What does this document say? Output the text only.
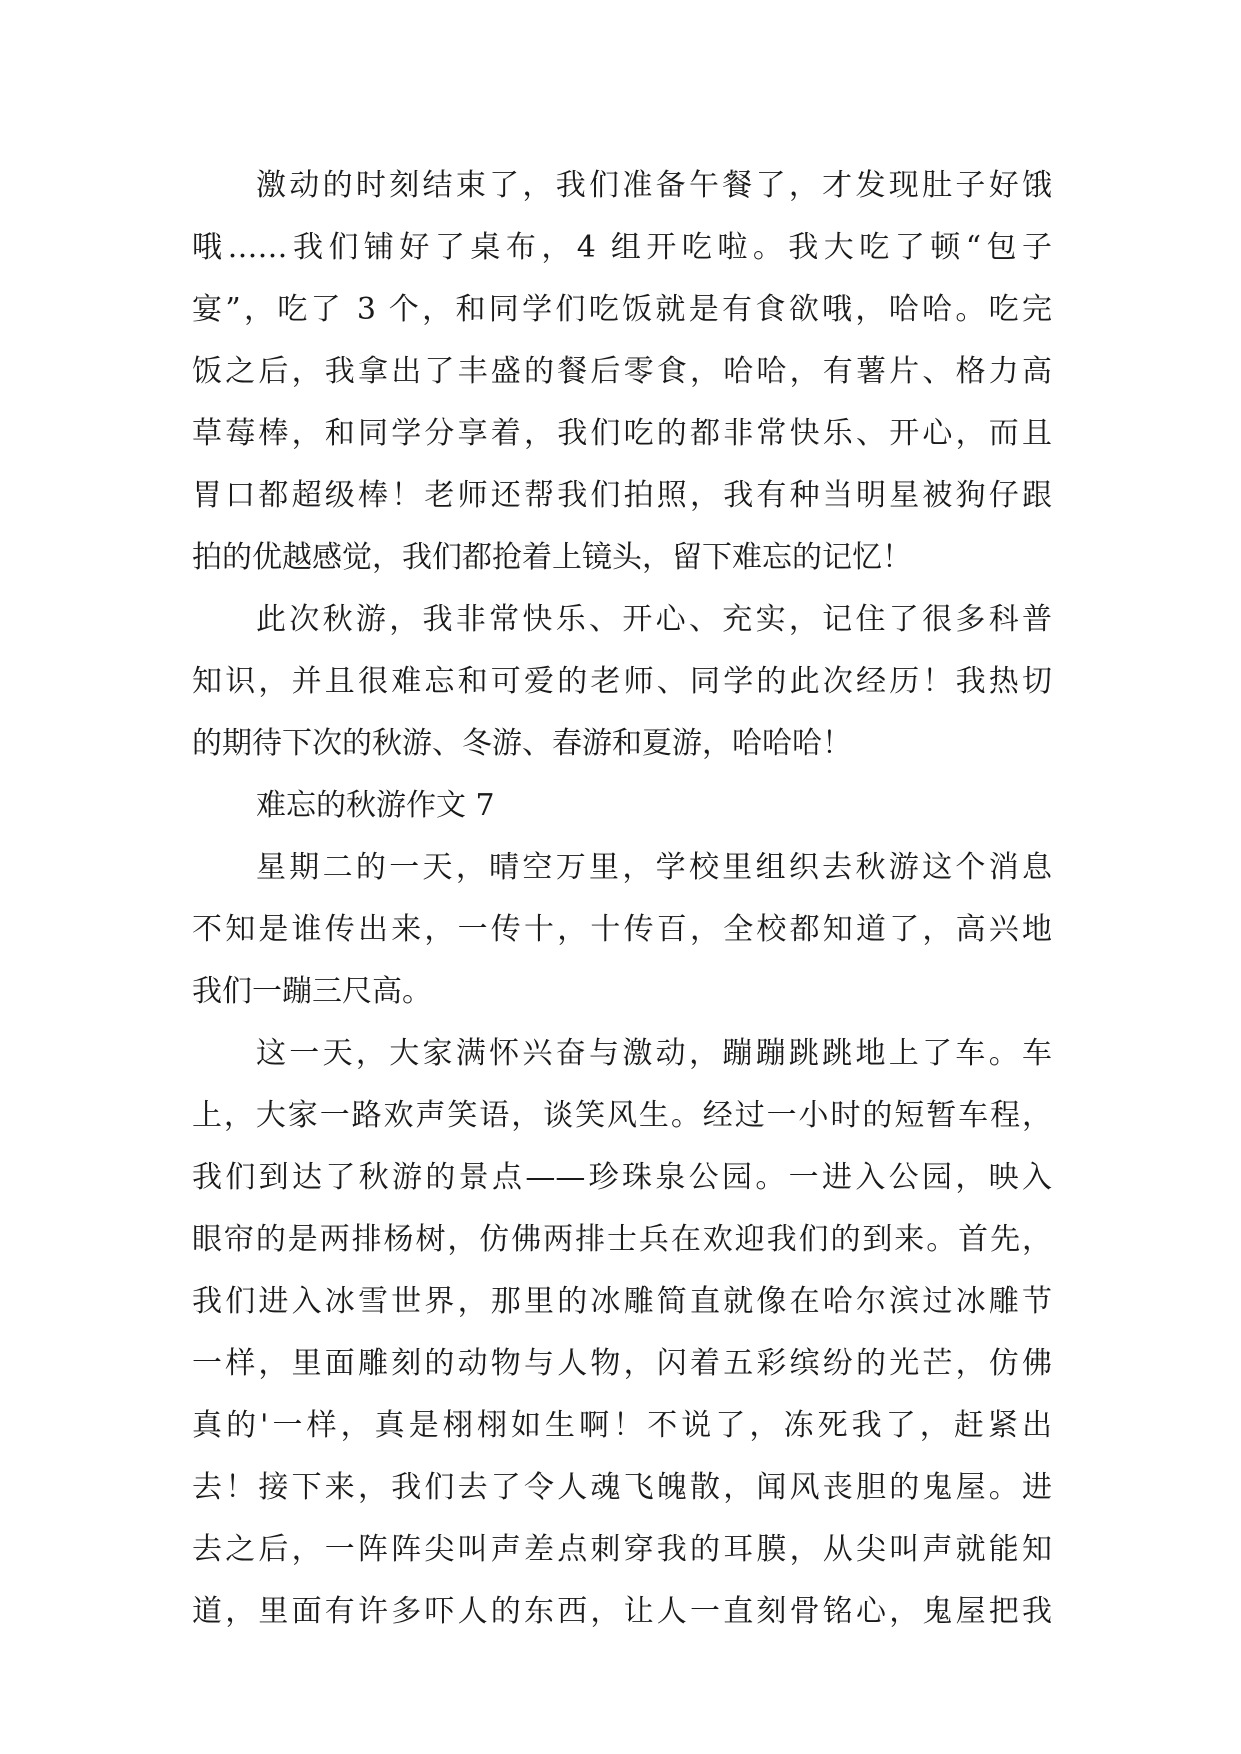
激动的时刻结束了，我们准备午餐了，才发现肚子好饿
哦……我们铺好了桌布，4 组开吃啦。我大吃了顿“包子
宴”，吃了 3 个，和同学们吃饭就是有食欲哦，哈哈。吃完
饭之后，我拿出了丰盛的餐后零食，哈哈，有薯片、格力高
草莓棒，和同学分享着，我们吃的都非常快乐、开心，而且
胃口都超级棒！老师还帮我们拍照，我有种当明星被狗仔跟
拍的优越感觉，我们都抢着上镜头，留下难忘的记忆！
此次秋游，我非常快乐、开心、充实，记住了很多科普
知识，并且很难忘和可爱的老师、同学的此次经历！我热切
的期待下次的秋游、冬游、春游和夏游，哈哈哈！
难忘的秋游作文 7
星期二的一天，晴空万里，学校里组织去秋游这个消息
不知是谁传出来，一传十，十传百，全校都知道了，高兴地
我们一蹦三尺高。
这一天，大家满怀兴奋与激动，蹦蹦跳跳地上了车。车
上，大家一路欢声笑语，谈笑风生。经过一小时的短暂车程，
我们到达了秋游的景点——珍珠泉公园。一进入公园，映入
眼帘的是两排杨树，仿佛两排士兵在欢迎我们的到来。首先，
我们进入冰雪世界，那里的冰雕简直就像在哈尔滨过冰雕节
一样，里面雕刻的动物与人物，闪着五彩缤纷的光芒，仿佛
真的'一样，真是栩栩如生啊！不说了，冻死我了，赶紧出
去！接下来，我们去了令人魂飞魄散，闻风丧胆的鬼屋。进
去之后，一阵阵尖叫声差点刺穿我的耳膜，从尖叫声就能知
道，里面有许多吓人的东西，让人一直刻骨铭心，鬼屋把我
